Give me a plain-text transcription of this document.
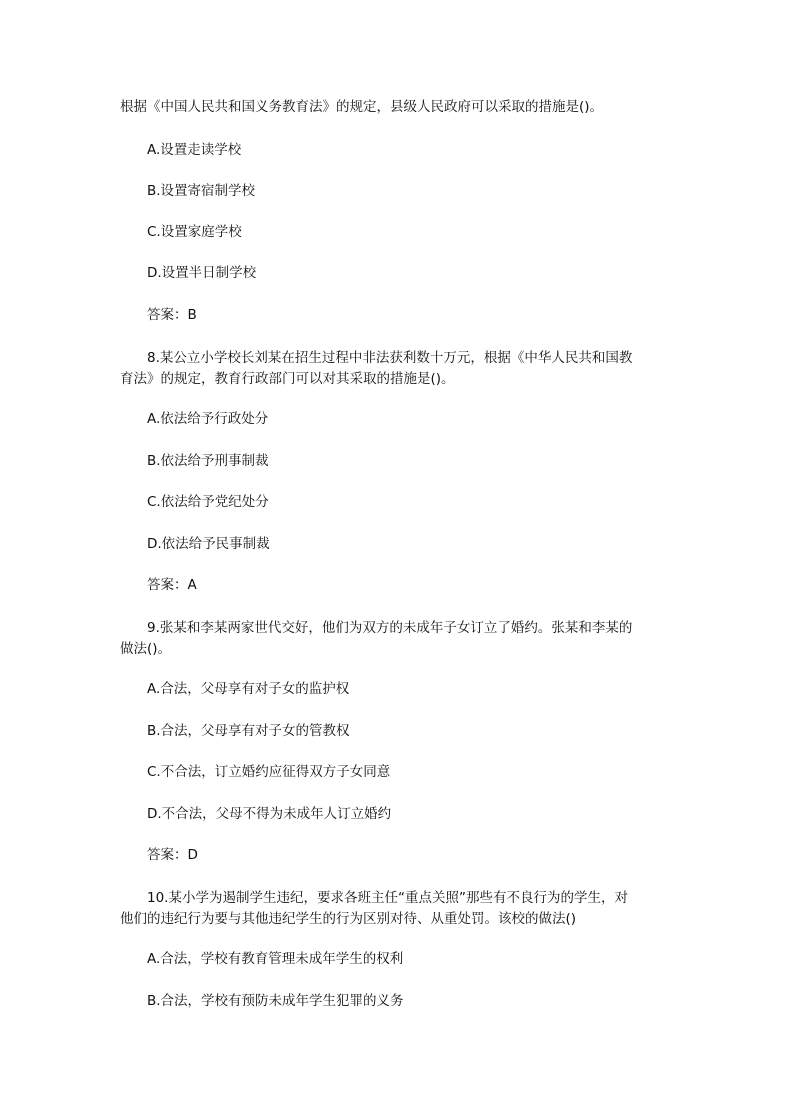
根据《中国人民共和国义务教育法》的规定，县级人民政府可以采取的措施是()。

A.设置走读学校

B.设置寄宿制学校

C.设置家庭学校

D.设置半日制学校

答案：B

8.某公立小学校长刘某在招生过程中非法获利数十万元，根据《中华人民共和国教育法》的规定，教育行政部门可以对其采取的措施是()。

A.依法给予行政处分

B.依法给予刑事制裁

C.依法给予党纪处分

D.依法给予民事制裁

答案：A

9.张某和李某两家世代交好，他们为双方的未成年子女订立了婚约。张某和李某的做法()。

A.合法，父母享有对子女的监护权

B.合法，父母享有对子女的管教权

C.不合法，订立婚约应征得双方子女同意

D.不合法，父母不得为未成年人订立婚约

答案：D

10.某小学为遏制学生违纪，要求各班主任“重点关照”那些有不良行为的学生，对他们的违纪行为要与其他违纪学生的行为区别对待、从重处罚。该校的做法()

A.合法，学校有教育管理未成年学生的权利

B.合法，学校有预防未成年学生犯罪的义务
